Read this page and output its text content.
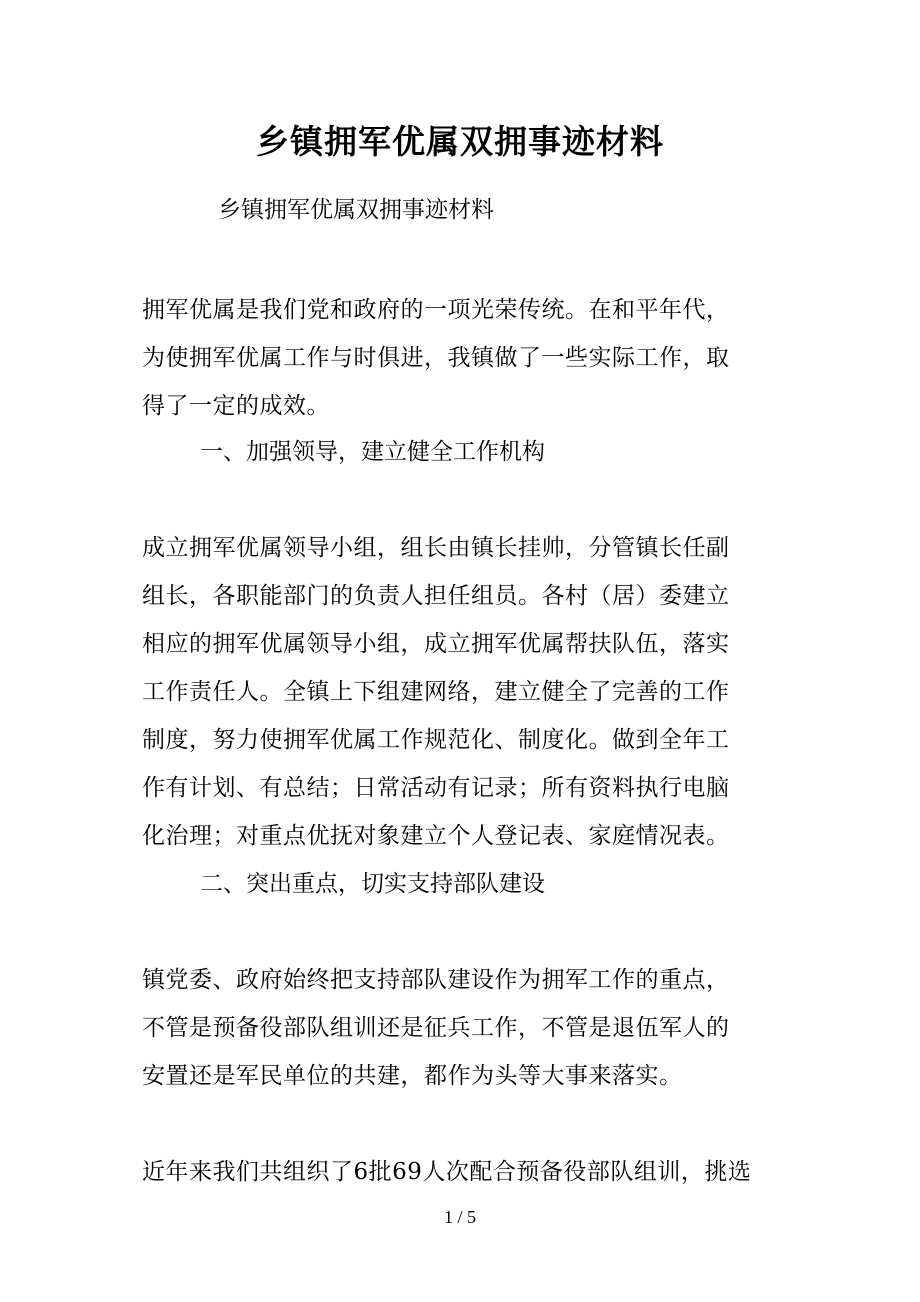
乡镇拥军优属双拥事迹材料
乡镇拥军优属双拥事迹材料

拥军优属是我们党和政府的一项光荣传统。在和平年代，
为使拥军优属工作与时俱进，我镇做了一些实际工作，取
得了一定的成效。

一、加强领导，建立健全工作机构

成立拥军优属领导小组，组长由镇长挂帅，分管镇长任副
组长，各职能部门的负责人担任组员。各村（居）委建立
相应的拥军优属领导小组，成立拥军优属帮扶队伍，落实
工作责任人。全镇上下组建网络，建立健全了完善的工作
制度，努力使拥军优属工作规范化、制度化。做到全年工
作有计划、有总结；日常活动有记录；所有资料执行电脑
化治理；对重点优抚对象建立个人登记表、家庭情况表。

二、突出重点，切实支持部队建设

镇党委、政府始终把支持部队建设作为拥军工作的重点，
不管是预备役部队组训还是征兵工作，不管是退伍军人的
安置还是军民单位的共建，都作为头等大事来落实。

近年来我们共组织了6批69人次配合预备役部队组训，挑选

1 / 5
